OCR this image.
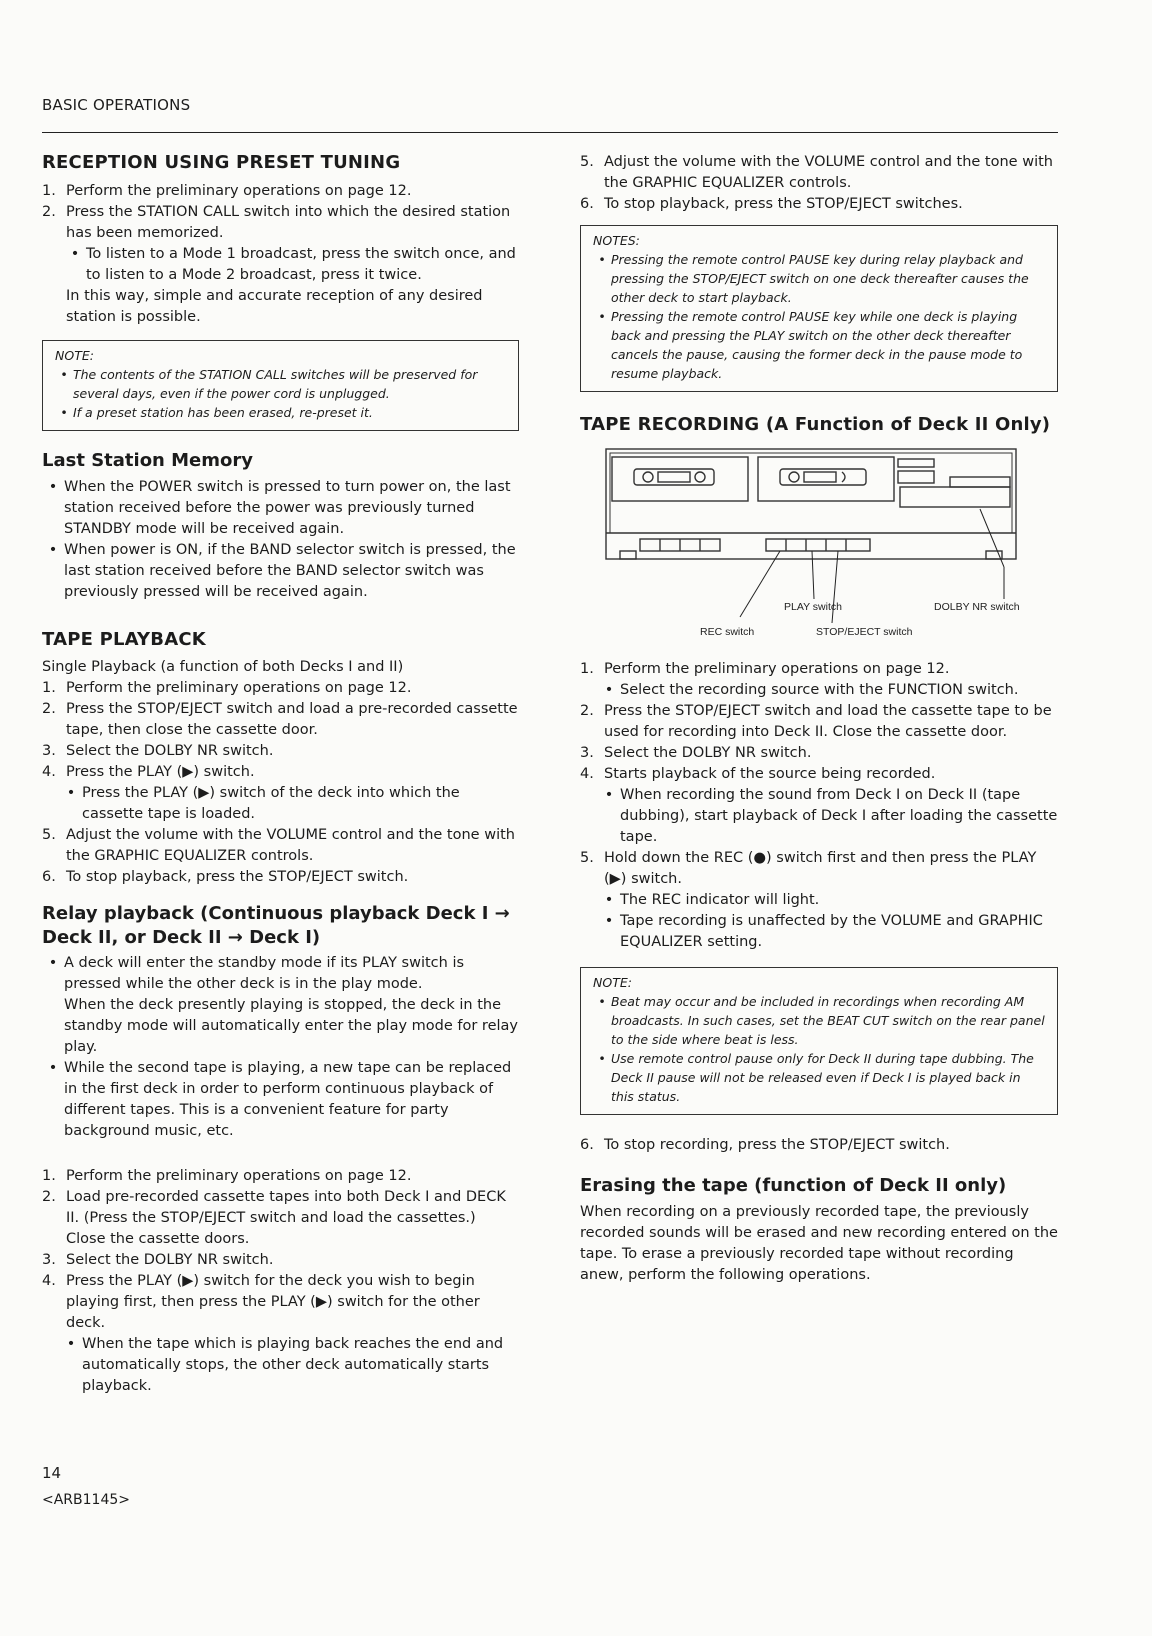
BASIC OPERATIONS
RECEPTION USING PRESET TUNING
1. Perform the preliminary operations on page 12.
2. Press the STATION CALL switch into which the desired station has been memorized.
• To listen to a Mode 1 broadcast, press the switch once, and to listen to a Mode 2 broadcast, press it twice.

In this way, simple and accurate reception of any desired station is possible.

NOTE:
• The contents of the STATION CALL switches will be preserved for several days, even if the power cord is unplugged.
• If a preset station has been erased, re-preset it.
Last Station Memory
• When the POWER switch is pressed to turn power on, the last station received before the power was previously turned STANDBY mode will be received again.
• When power is ON, if the BAND selector switch is pressed, the last station received before the BAND selector switch was previously pressed will be received again.
TAPE PLAYBACK

Single Playback (a function of both Decks I and II)

1. Perform the preliminary operations on page 12.
2. Press the STOP/EJECT switch and load a pre-recorded cassette tape, then close the cassette door.
3. Select the DOLBY NR switch.
4. Press the PLAY (▶) switch.
• Press the PLAY (▶) switch of the deck into which the cassette tape is loaded.
5. Adjust the volume with the VOLUME control and the tone with the GRAPHIC EQUALIZER controls.
6. To stop playback, press the STOP/EJECT switch.
Relay playback (Continuous playback Deck I →
Deck II, or Deck II → Deck I)
• A deck will enter the standby mode if its PLAY switch is pressed while the other deck is in the play mode.
When the deck presently playing is stopped, the deck in the standby mode will automatically enter the play mode for relay play.
• While the second tape is playing, a new tape can be replaced in the first deck in order to perform continuous playback of different tapes. This is a convenient feature for party background music, etc.
1. Perform the preliminary operations on page 12.
2. Load pre-recorded cassette tapes into both Deck I and DECK II. (Press the STOP/EJECT switch and load the cassettes.) Close the cassette doors.
3. Select the DOLBY NR switch.
4. Press the PLAY (▶) switch for the deck you wish to begin playing first, then press the PLAY (▶) switch for the other deck.
• When the tape which is playing back reaches the end and automatically stops, the other deck automatically starts playback.
5. Adjust the volume with the VOLUME control and the tone with the GRAPHIC EQUALIZER controls.
6. To stop playback, press the STOP/EJECT switches.
NOTES:
• Pressing the remote control PAUSE key during relay playback and pressing the STOP/EJECT switch on one deck thereafter causes the other deck to start playback.
• Pressing the remote control PAUSE key while one deck is playing back and pressing the PLAY switch on the other deck thereafter cancels the pause, causing the former deck in the pause mode to resume playback.
TAPE RECORDING (A Function of Deck II Only)
PLAY switch	DOLBY NR switch
REC switch	STOP/EJECT switch
1. Perform the preliminary operations on page 12.
• Select the recording source with the FUNCTION switch.
2. Press the STOP/EJECT switch and load the cassette tape to be used for recording into Deck II. Close the cassette door.
3. Select the DOLBY NR switch.
4. Starts playback of the source being recorded.
• When recording the sound from Deck I on Deck II (tape dubbing), start playback of Deck I after loading the cassette tape.
5. Hold down the REC (●) switch first and then press the PLAY (▶) switch.
• The REC indicator will light.
• Tape recording is unaffected by the VOLUME and GRAPHIC EQUALIZER setting.
NOTE:
• Beat may occur and be included in recordings when recording AM broadcasts. In such cases, set the BEAT CUT switch on the rear panel to the side where beat is less.
• Use remote control pause only for Deck II during tape dubbing. The Deck II pause will not be released even if Deck I is played back in this status.
6. To stop recording, press the STOP/EJECT switch.
Erasing the tape (function of Deck II only)

When recording on a previously recorded tape, the previously recorded sounds will be erased and new recording entered on the tape. To erase a previously recorded tape without recording anew, perform the following operations.

14
<ARB1145>
